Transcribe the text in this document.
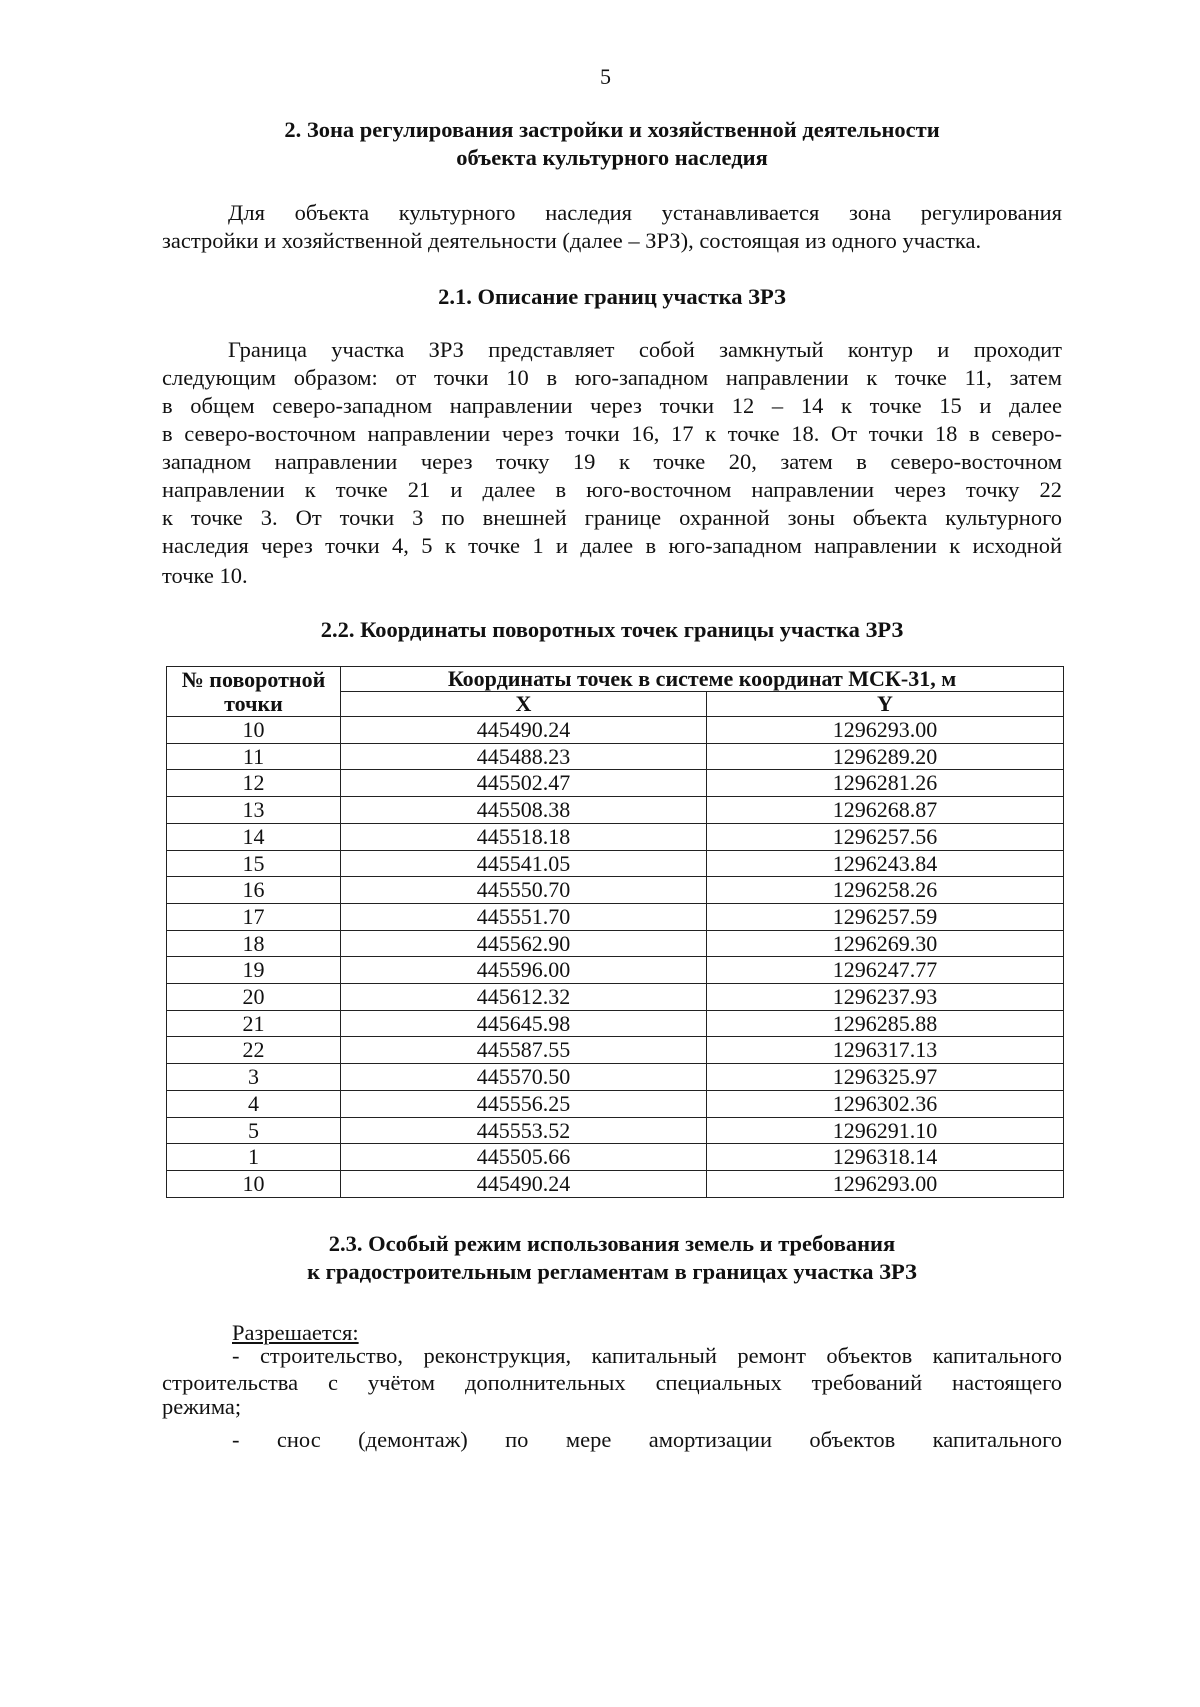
5
2. Зона регулирования застройки и хозяйственной деятельности
объекта культурного наследия
Для объекта культурного наследия устанавливается зона регулирования
застройки и хозяйственной деятельности (далее – ЗРЗ), состоящая из одного участка.
2.1. Описание границ участка ЗРЗ
Граница участка ЗРЗ представляет собой замкнутый контур и проходит
следующим образом: от точки 10 в юго-западном направлении к точке 11, затем
в общем северо-западном направлении через точки 12 – 14 к точке 15 и далее
в северо-восточном направлении через точки 16, 17 к точке 18. От точки 18 в северо-
западном направлении через точку 19 к точке 20, затем в северо-восточном
направлении к точке 21 и далее в юго-восточном направлении через точку 22
к точке 3. От точки 3 по внешней границе охранной зоны объекта культурного
наследия через точки 4, 5 к точке 1 и далее в юго-западном направлении к исходной
точке 10.
2.2. Координаты поворотных точек границы участка ЗРЗ
№ поворотной точки	Координаты точек в системе координат МСК-31, м	
	X	Y
10	445490.24	1296293.00
11	445488.23	1296289.20
12	445502.47	1296281.26
13	445508.38	1296268.87
14	445518.18	1296257.56
15	445541.05	1296243.84
16	445550.70	1296258.26
17	445551.70	1296257.59
18	445562.90	1296269.30
19	445596.00	1296247.77
20	445612.32	1296237.93
21	445645.98	1296285.88
22	445587.55	1296317.13
3	445570.50	1296325.97
4	445556.25	1296302.36
5	445553.52	1296291.10
1	445505.66	1296318.14
10	445490.24	1296293.00
2.3. Особый режим использования земель и требования
к градостроительным регламентам в границах участка ЗРЗ
Разрешается:
- строительство, реконструкция, капитальный ремонт объектов капитального
строительства с учётом дополнительных специальных требований настоящего
режима;
- снос (демонтаж) по мере амортизации объектов капитального
